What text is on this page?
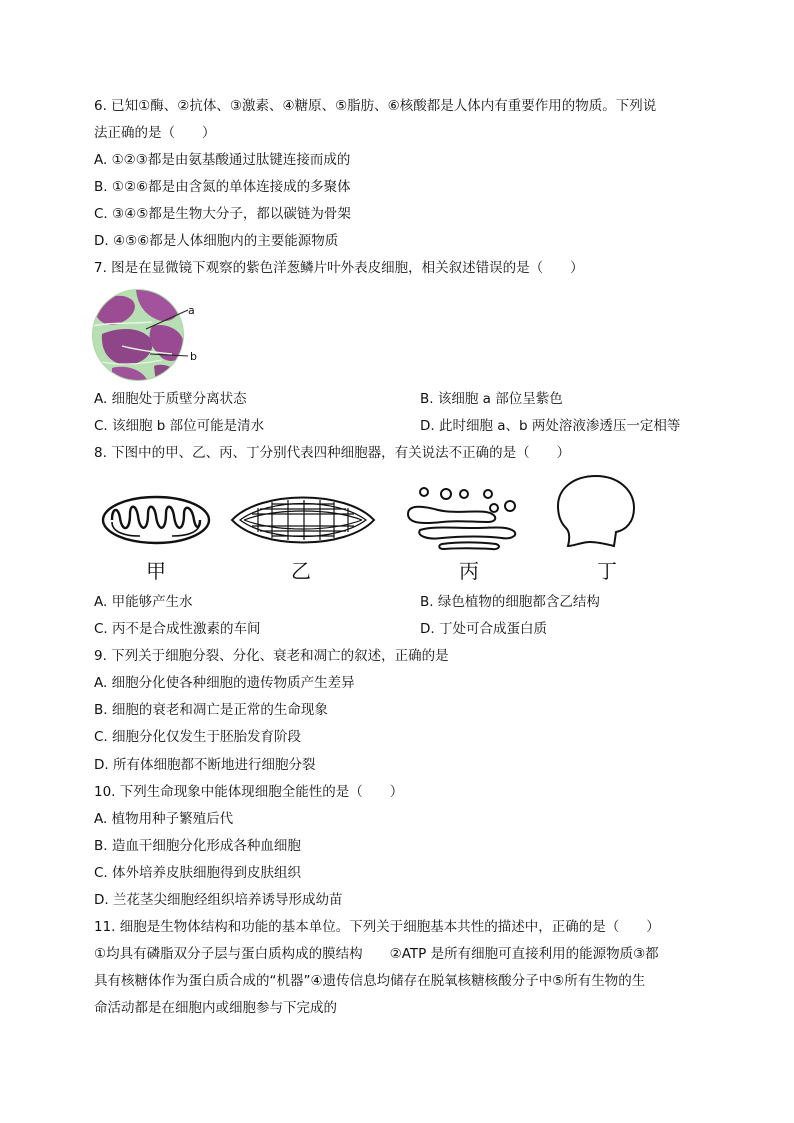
6. 已知①酶、②抗体、③激素、④糖原、⑤脂肪、⑥核酸都是人体内有重要作用的物质。下列说
法正确的是（　　）
A. ①②③都是由氨基酸通过肽键连接而成的
B. ①②⑥都是由含氮的单体连接成的多聚体
C. ③④⑤都是生物大分子，都以碳链为骨架
D. ④⑤⑥都是人体细胞内的主要能源物质
7. 图是在显微镜下观察的紫色洋葱鳞片叶外表皮细胞，相关叙述错误的是（　　）
a
b
A. 细胞处于质壁分离状态	B. 该细胞 a 部位呈紫色
C. 该细胞 b 部位可能是清水	D. 此时细胞 a、b 两处溶液渗透压一定相等
8. 下图中的甲、乙、丙、丁分别代表四种细胞器，有关说法不正确的是（　　）
甲	乙	丙	丁
A. 甲能够产生水	B. 绿色植物的细胞都含乙结构
C. 丙不是合成性激素的车间	D. 丁处可合成蛋白质
9. 下列关于细胞分裂、分化、衰老和凋亡的叙述，正确的是
A. 细胞分化使各种细胞的遗传物质产生差异
B. 细胞的衰老和凋亡是正常的生命现象
C. 细胞分化仅发生于胚胎发育阶段
D. 所有体细胞都不断地进行细胞分裂
10. 下列生命现象中能体现细胞全能性的是（　　）
A. 植物用种子繁殖后代
B. 造血干细胞分化形成各种血细胞
C. 体外培养皮肤细胞得到皮肤组织
D. 兰花茎尖细胞经组织培养诱导形成幼苗
11. 细胞是生物体结构和功能的基本单位。下列关于细胞基本共性的描述中，正确的是（　　）
①均具有磷脂双分子层与蛋白质构成的膜结构　　②ATP 是所有细胞可直接利用的能源物质③都
具有核糖体作为蛋白质合成的“机器”④遗传信息均储存在脱氧核糖核酸分子中⑤所有生物的生
命活动都是在细胞内或细胞参与下完成的
